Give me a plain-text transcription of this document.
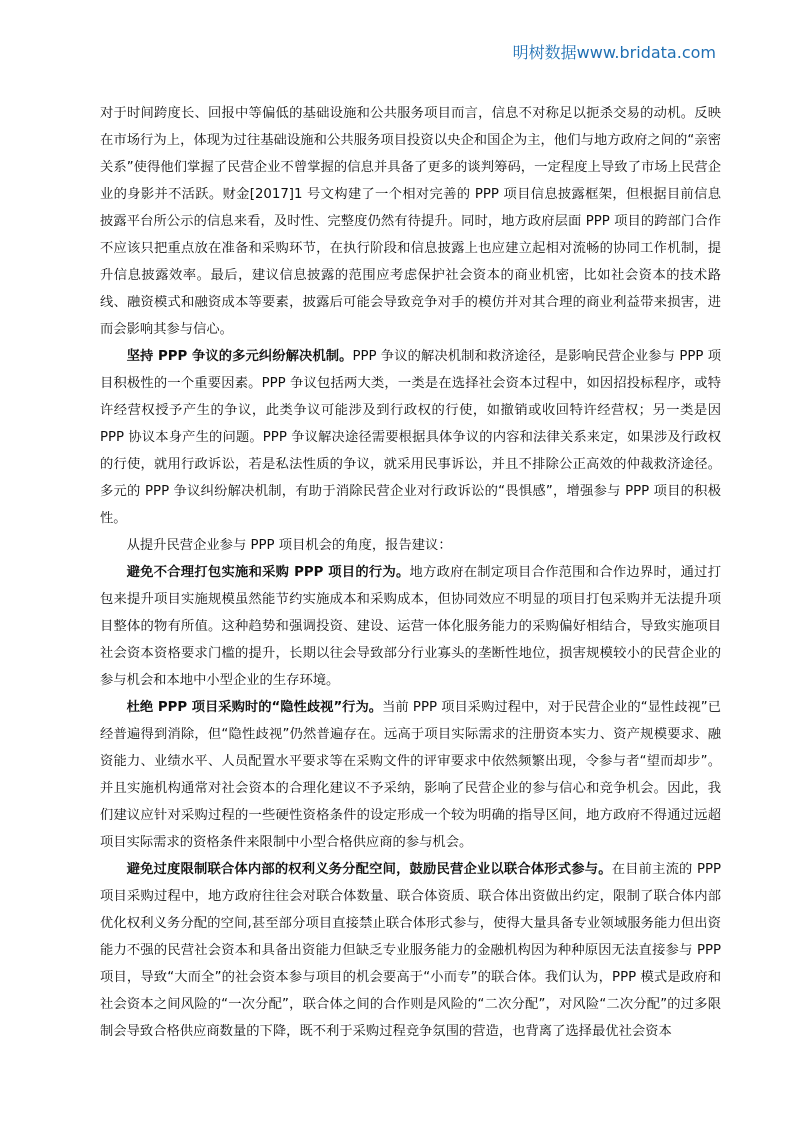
明树数据www.bridata.com

对于时间跨度长、回报中等偏低的基础设施和公共服务项目而言，信息不对称足以扼杀交易的动机。反映在市场行为上，体现为过往基础设施和公共服务项目投资以央企和国企为主，他们与地方政府之间的“亲密关系”使得他们掌握了民营企业不曾掌握的信息并具备了更多的谈判筹码，一定程度上导致了市场上民营企业的身影并不活跃。财金[2017]1 号文构建了一个相对完善的 PPP 项目信息披露框架，但根据目前信息披露平台所公示的信息来看，及时性、完整度仍然有待提升。同时，地方政府层面 PPP 项目的跨部门合作不应该只把重点放在准备和采购环节，在执行阶段和信息披露上也应建立起相对流畅的协同工作机制，提升信息披露效率。最后，建议信息披露的范围应考虑保护社会资本的商业机密，比如社会资本的技术路线、融资模式和融资成本等要素，披露后可能会导致竞争对手的模仿并对其合理的商业利益带来损害，进而会影响其参与信心。

坚持 PPP 争议的多元纠纷解决机制。PPP 争议的解决机制和救济途径，是影响民营企业参与 PPP 项目积极性的一个重要因素。PPP 争议包括两大类，一类是在选择社会资本过程中，如因招投标程序，或特许经营权授予产生的争议，此类争议可能涉及到行政权的行使，如撤销或收回特许经营权；另一类是因 PPP 协议本身产生的问题。PPP 争议解决途径需要根据具体争议的内容和法律关系来定，如果涉及行政权的行使，就用行政诉讼，若是私法性质的争议，就采用民事诉讼，并且不排除公正高效的仲裁救济途径。多元的 PPP 争议纠纷解决机制，有助于消除民营企业对行政诉讼的“畏惧感”，增强参与 PPP 项目的积极性。

从提升民营企业参与 PPP 项目机会的角度，报告建议：

避免不合理打包实施和采购 PPP 项目的行为。地方政府在制定项目合作范围和合作边界时，通过打包来提升项目实施规模虽然能节约实施成本和采购成本，但协同效应不明显的项目打包采购并无法提升项目整体的物有所值。这种趋势和强调投资、建设、运营一体化服务能力的采购偏好相结合，导致实施项目社会资本资格要求门槛的提升，长期以往会导致部分行业寡头的垄断性地位，损害规模较小的民营企业的参与机会和本地中小型企业的生存环境。

杜绝 PPP 项目采购时的“隐性歧视”行为。当前 PPP 项目采购过程中，对于民营企业的“显性歧视”已经普遍得到消除，但“隐性歧视”仍然普遍存在。远高于项目实际需求的注册资本实力、资产规模要求、融资能力、业绩水平、人员配置水平要求等在采购文件的评审要求中依然频繁出现，令参与者“望而却步”。并且实施机构通常对社会资本的合理化建议不予采纳，影响了民营企业的参与信心和竞争机会。因此，我们建议应针对采购过程的一些硬性资格条件的设定形成一个较为明确的指导区间，地方政府不得通过远超项目实际需求的资格条件来限制中小型合格供应商的参与机会。

避免过度限制联合体内部的权利义务分配空间，鼓励民营企业以联合体形式参与。在目前主流的 PPP 项目采购过程中，地方政府往往会对联合体数量、联合体资质、联合体出资做出约定，限制了联合体内部优化权利义务分配的空间,甚至部分项目直接禁止联合体形式参与，使得大量具备专业领域服务能力但出资能力不强的民营社会资本和具备出资能力但缺乏专业服务能力的金融机构因为种种原因无法直接参与 PPP 项目，导致“大而全”的社会资本参与项目的机会要高于“小而专”的联合体。我们认为，PPP 模式是政府和社会资本之间风险的“一次分配”，联合体之间的合作则是风险的“二次分配”，对风险“二次分配”的过多限制会导致合格供应商数量的下降，既不利于采购过程竞争氛围的营造，也背离了选择最优社会资本
